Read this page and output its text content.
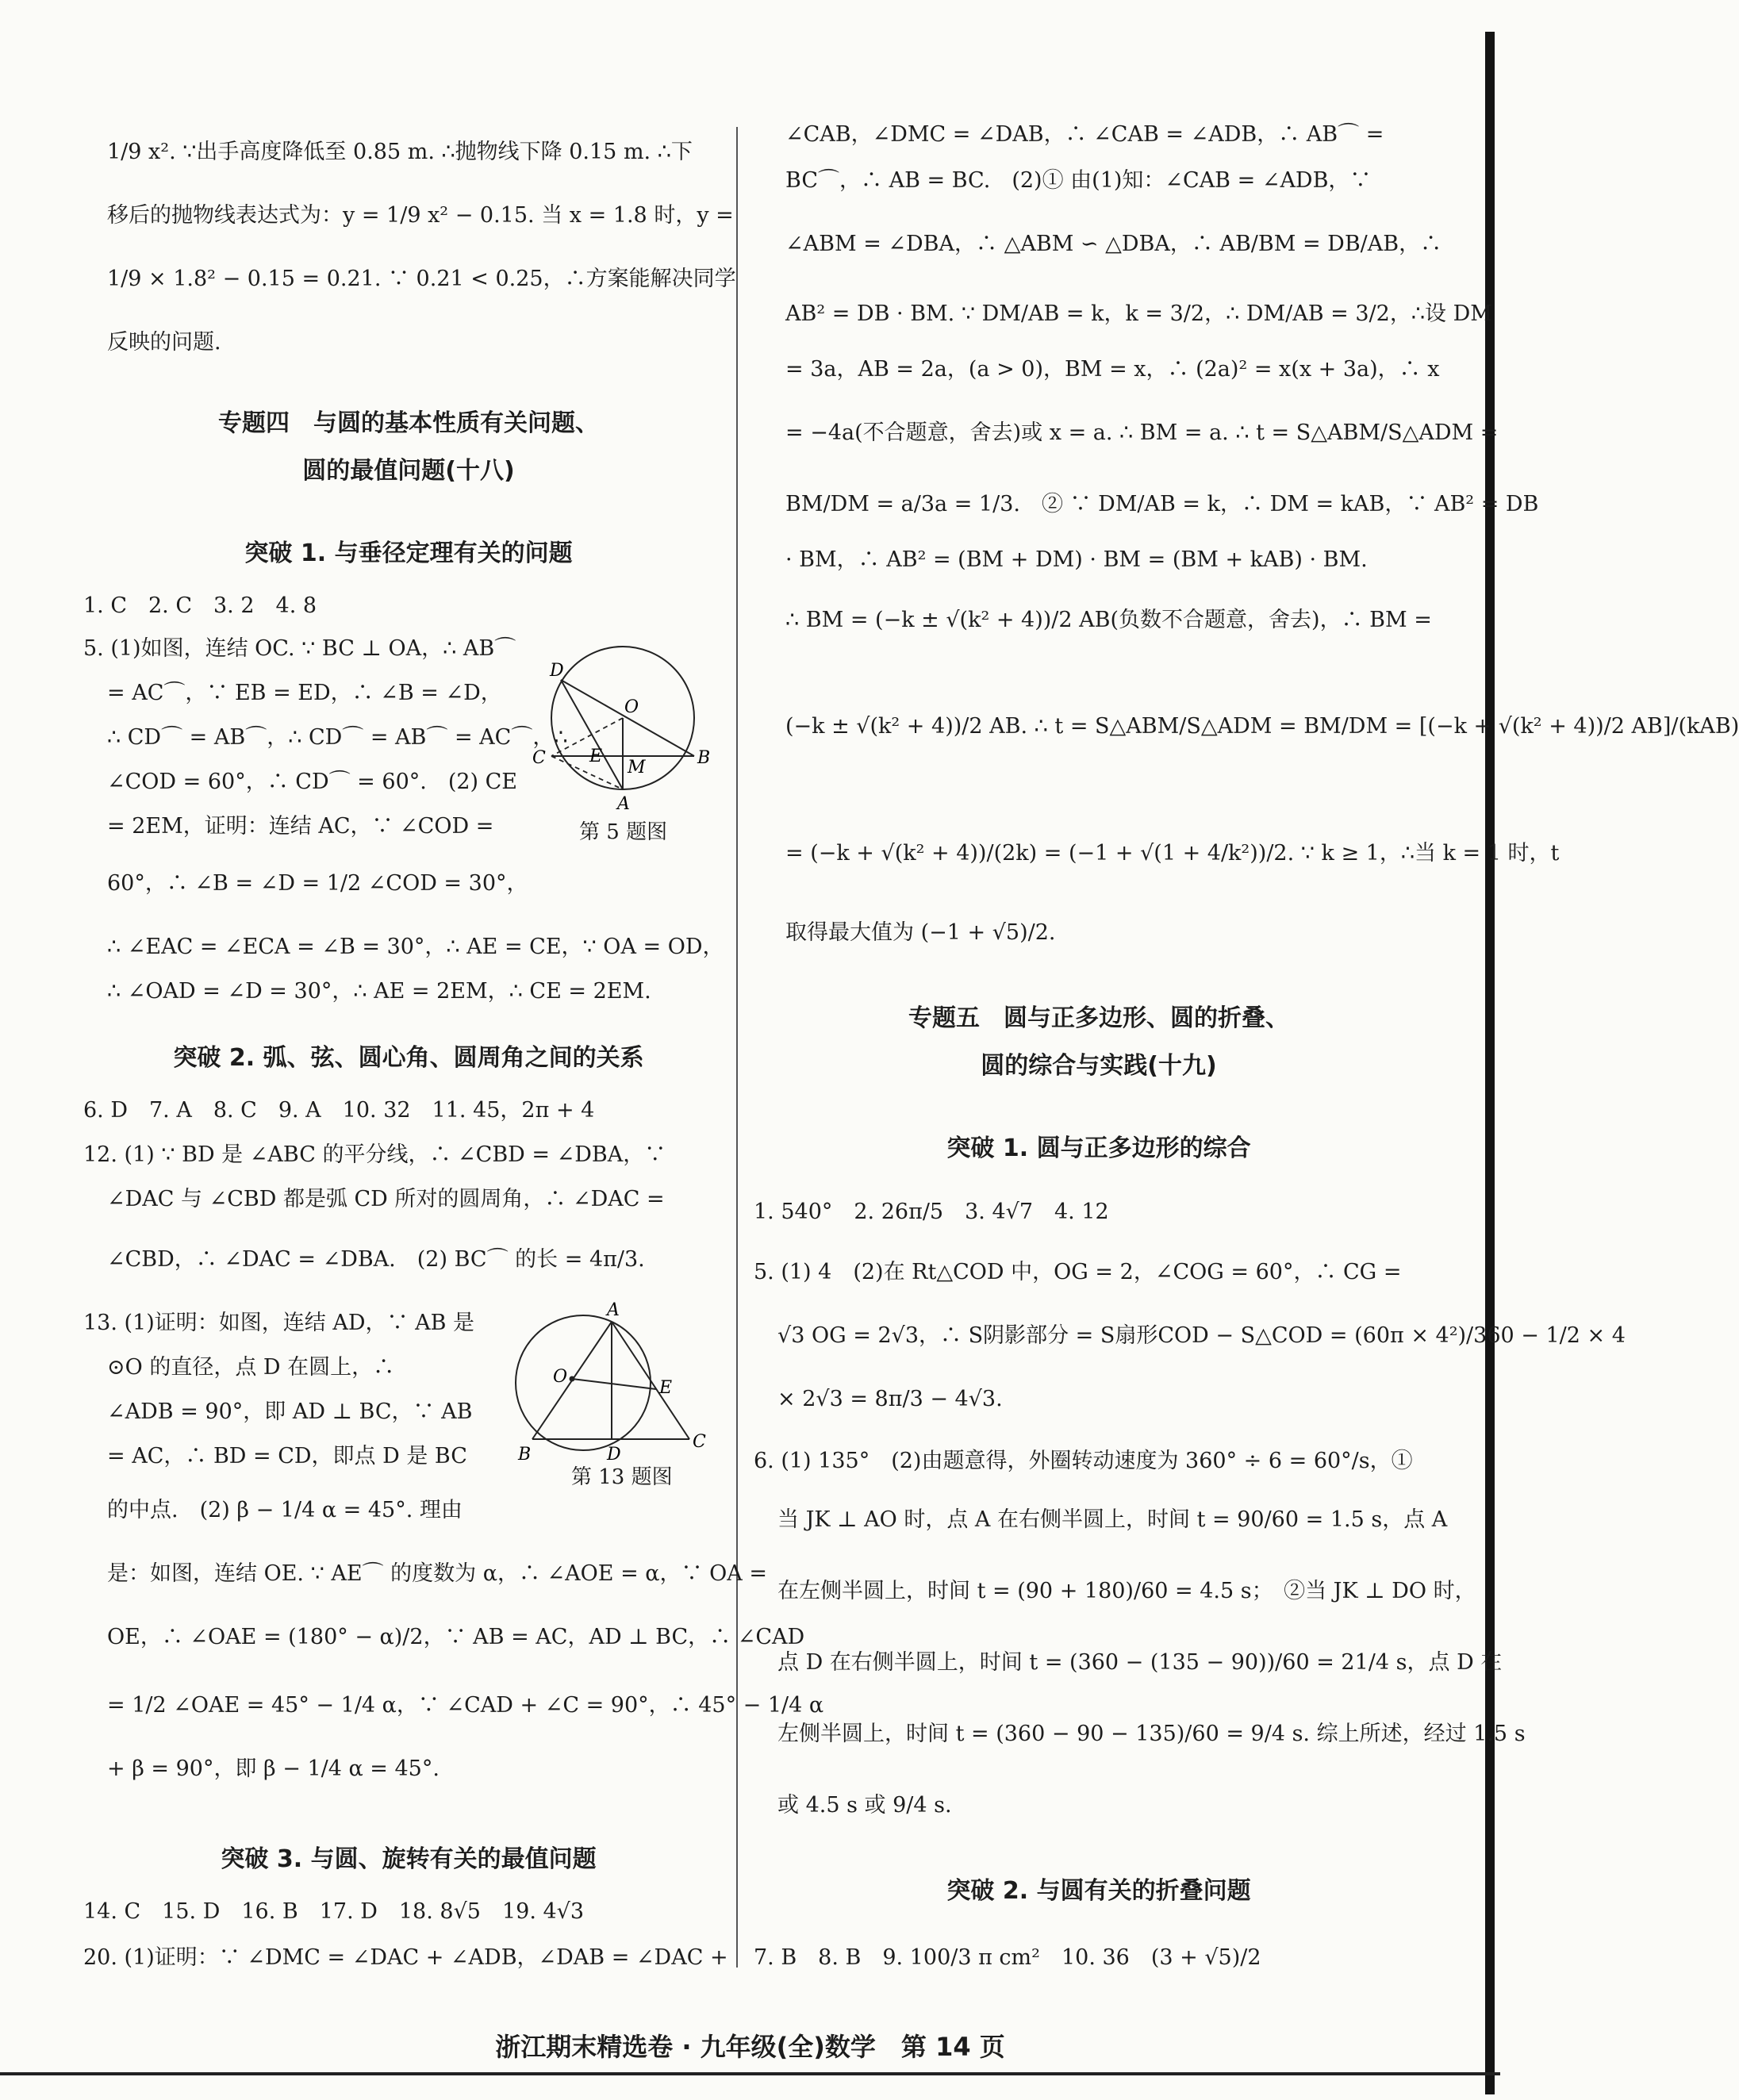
1/9 x². ∵出手高度降低至 0.85 m. ∴抛物线下降 0.15 m. ∴下
移后的抛物线表达式为：y = 1/9 x² − 0.15. 当 x = 1.8 时，y =
1/9 × 1.8² − 0.15 = 0.21. ∵ 0.21 < 0.25，∴方案能解决同学
反映的问题.
专题四　与圆的基本性质有关问题、
圆的最值问题(十八)
突破 1. 与垂径定理有关的问题
1. C　2. C　3. 2　4. 8
5. (1)如图，连结 OC. ∵ BC ⊥ OA，∴ AB⌒
= AC⌒，∵ EB = ED，∴ ∠B = ∠D，
∴ CD⌒ = AB⌒，∴ CD⌒ = AB⌒ = AC⌒，∴
∠COD = 60°，∴ CD⌒ = 60°.　(2) CE
= 2EM，证明：连结 AC，∵ ∠COD =
60°，∴ ∠B = ∠D = 1/2 ∠COD = 30°，
∴ ∠EAC = ∠ECA = ∠B = 30°，∴ AE = CE，∵ OA = OD，
∴ ∠OAD = ∠D = 30°，∴ AE = 2EM，∴ CE = 2EM.
D
O
C	E
M	B
A
第 5 题图
突破 2. 弧、弦、圆心角、圆周角之间的关系
6. D　7. A　8. C　9. A　10. 32　11. 45，2π + 4
12. (1) ∵ BD 是 ∠ABC 的平分线，∴ ∠CBD = ∠DBA，∵
∠DAC 与 ∠CBD 都是弧 CD 所对的圆周角，∴ ∠DAC =
∠CBD，∴ ∠DAC = ∠DBA.　(2) BC⌒ 的长 = 4π/3.
13. (1)证明：如图，连结 AD，∵ AB 是
⊙O 的直径，点 D 在圆上，∴
∠ADB = 90°，即 AD ⊥ BC，∵ AB
= AC，∴ BD = CD，即点 D 是 BC
的中点.　(2) β − 1/4 α = 45°. 理由
是：如图，连结 OE. ∵ AE⌒ 的度数为 α，∴ ∠AOE = α，∵ OA =
OE，∴ ∠OAE = (180° − α)/2，∵ AB = AC，AD ⊥ BC，∴ ∠CAD
= 1/2 ∠OAE = 45° − 1/4 α，∵ ∠CAD + ∠C = 90°，∴ 45° − 1/4 α
+ β = 90°，即 β − 1/4 α = 45°.
A
O
E
B	D
C
第 13 题图
突破 3. 与圆、旋转有关的最值问题
14. C　15. D　16. B　17. D　18. 8√5　19. 4√3
20. (1)证明：∵ ∠DMC = ∠DAC + ∠ADB，∠DAB = ∠DAC +
∠CAB，∠DMC = ∠DAB，∴ ∠CAB = ∠ADB，∴ AB⌒ =
BC⌒，∴ AB = BC.　(2)① 由(1)知：∠CAB = ∠ADB，∵
∠ABM = ∠DBA，∴ △ABM ∽ △DBA，∴ AB/BM = DB/AB，∴
AB² = DB · BM. ∵ DM/AB = k，k = 3/2，∴ DM/AB = 3/2，∴设 DM
= 3a，AB = 2a，(a > 0)，BM = x，∴ (2a)² = x(x + 3a)，∴ x
= −4a(不合题意，舍去)或 x = a. ∴ BM = a. ∴ t = S△ABM/S△ADM =
BM/DM = a/3a = 1/3.　② ∵ DM/AB = k，∴ DM = kAB，∵ AB² = DB
· BM，∴ AB² = (BM + DM) · BM = (BM + kAB) · BM.
∴ BM = (−k ± √(k² + 4))/2 AB(负数不合题意，舍去)，∴ BM =
(−k ± √(k² + 4))/2 AB. ∴ t = S△ABM/S△ADM = BM/DM = [(−k + √(k² + 4))/2 AB]/(kAB)
= (−k + √(k² + 4))/(2k) = (−1 + √(1 + 4/k²))/2. ∵ k ≥ 1，∴当 k = 1 时，t
取得最大值为 (−1 + √5)/2.
专题五　圆与正多边形、圆的折叠、
圆的综合与实践(十九)
突破 1. 圆与正多边形的综合
1. 540°　2. 26π/5　3. 4√7　4. 12
5. (1) 4　(2)在 Rt△COD 中，OG = 2，∠COG = 60°，∴ CG =
√3 OG = 2√3，∴ S阴影部分 = S扇形COD − S△COD = (60π × 4²)/360 − 1/2 × 4
× 2√3 = 8π/3 − 4√3.
6. (1) 135°　(2)由题意得，外圈转动速度为 360° ÷ 6 = 60°/s，①
当 JK ⊥ AO 时，点 A 在右侧半圆上，时间 t = 90/60 = 1.5 s，点 A
在左侧半圆上，时间 t = (90 + 180)/60 = 4.5 s；　②当 JK ⊥ DO 时，
点 D 在右侧半圆上，时间 t = (360 − (135 − 90))/60 = 21/4 s，点 D 在
左侧半圆上，时间 t = (360 − 90 − 135)/60 = 9/4 s. 综上所述，经过 1.5 s
或 4.5 s 或 9/4 s.
突破 2. 与圆有关的折叠问题
7. B　8. B　9. 100/3 π cm²　10. 36　(3 + √5)/2
浙江期末精选卷 · 九年级(全)数学　第 14 页
